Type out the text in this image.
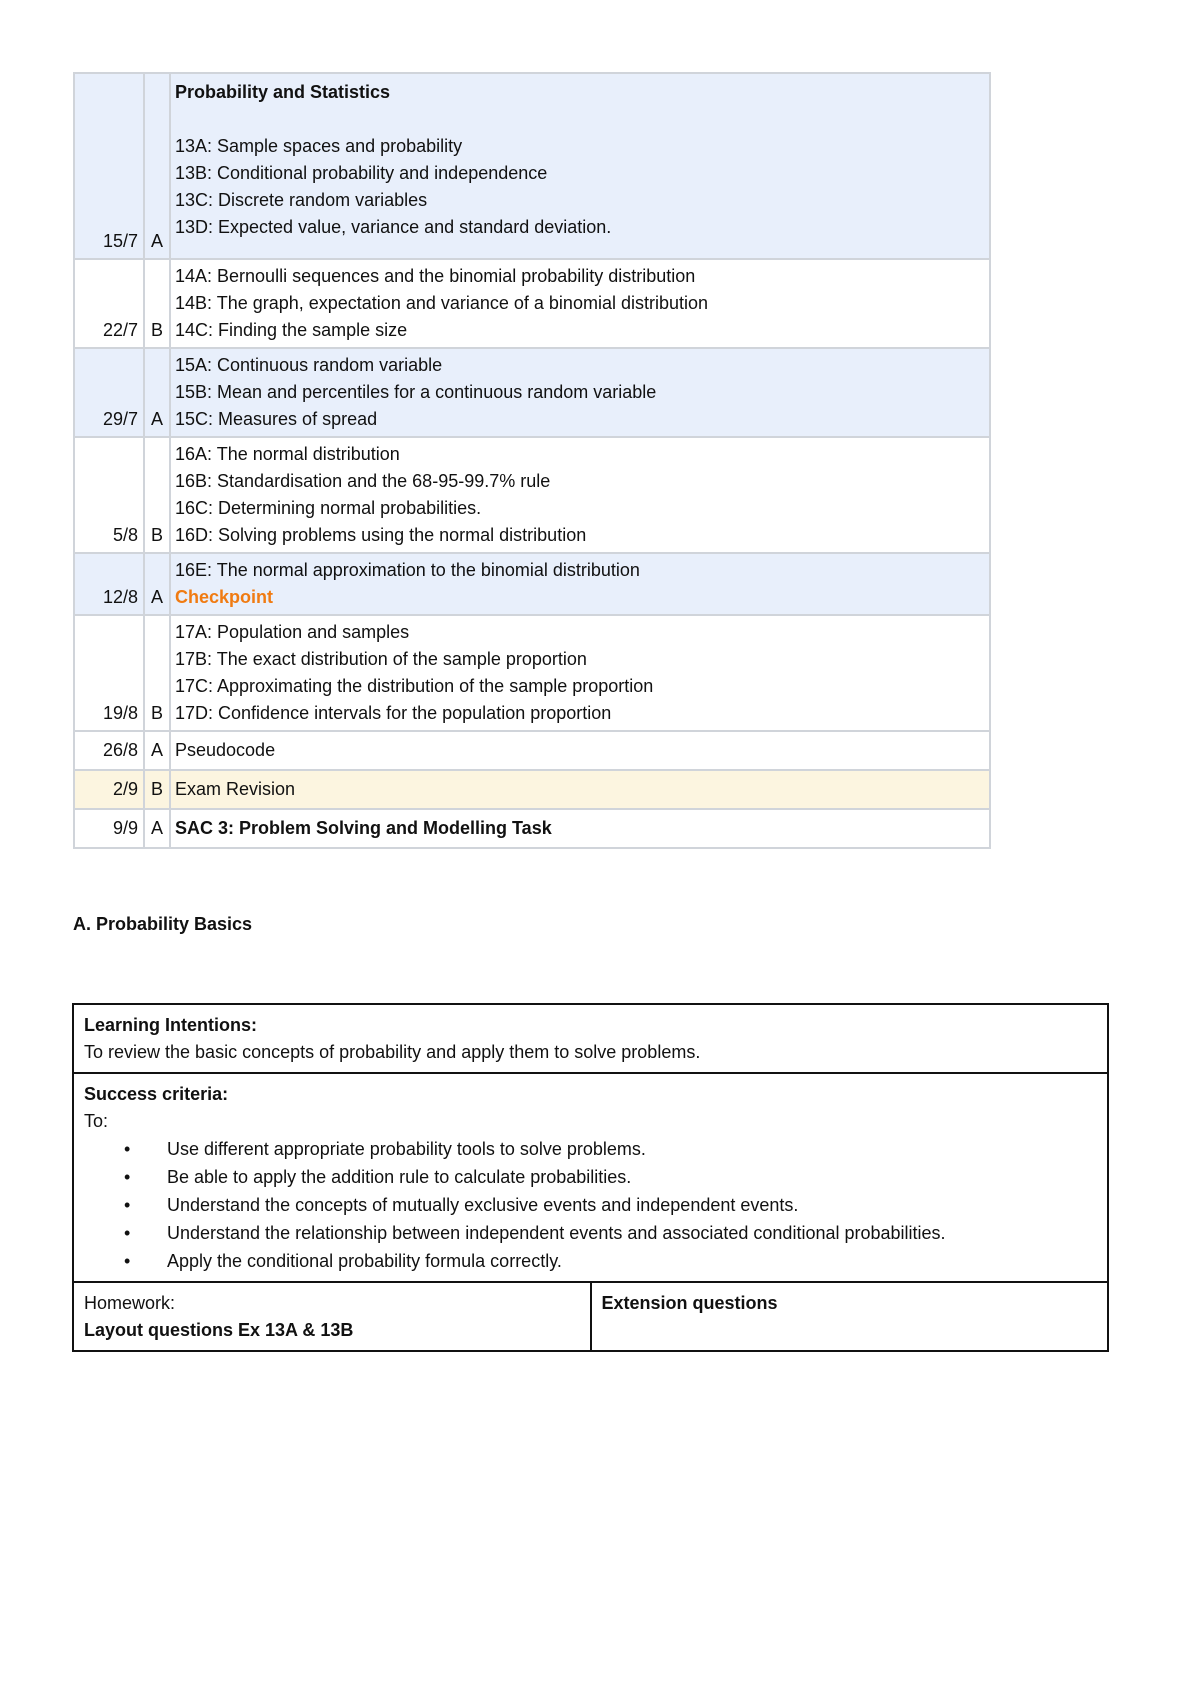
15/7	A	Probability and Statistics
13A: Sample spaces and probability
13B: Conditional probability and independence
13C: Discrete random variables
13D: Expected value, variance and standard deviation.

22/7	B	14A: Bernoulli sequences and the binomial probability distribution
14B: The graph, expectation and variance of a binomial distribution
14C: Finding the sample size

29/7	A	15A: Continuous random variable
15B: Mean and percentiles for a continuous random variable
15C: Measures of spread

5/8	B	16A: The normal distribution
16B: Standardisation and the 68-95-99.7% rule
16C: Determining normal probabilities.
16D: Solving problems using the normal distribution

12/8	A	16E: The normal approximation to the binomial distribution
Checkpoint

19/8	B	17A: Population and samples
17B: The exact distribution of the sample proportion
17C: Approximating the distribution of the sample proportion
17D: Confidence intervals for the population proportion

26/8	A	Pseudocode
2/9	B	Exam Revision
9/9	A	SAC 3: Problem Solving and Modelling Task
A. Probability Basics
Learning Intentions:
To review the basic concepts of probability and apply them to solve problems.

Success criteria:
To:
• Use different appropriate probability tools to solve problems.
• Be able to apply the addition rule to calculate probabilities.
• Understand the concepts of mutually exclusive events and independent events.
• Understand the relationship between independent events and associated conditional probabilities.
• Apply the conditional probability formula correctly.

Homework:
Layout questions Ex 13A & 13B

Extension questions
